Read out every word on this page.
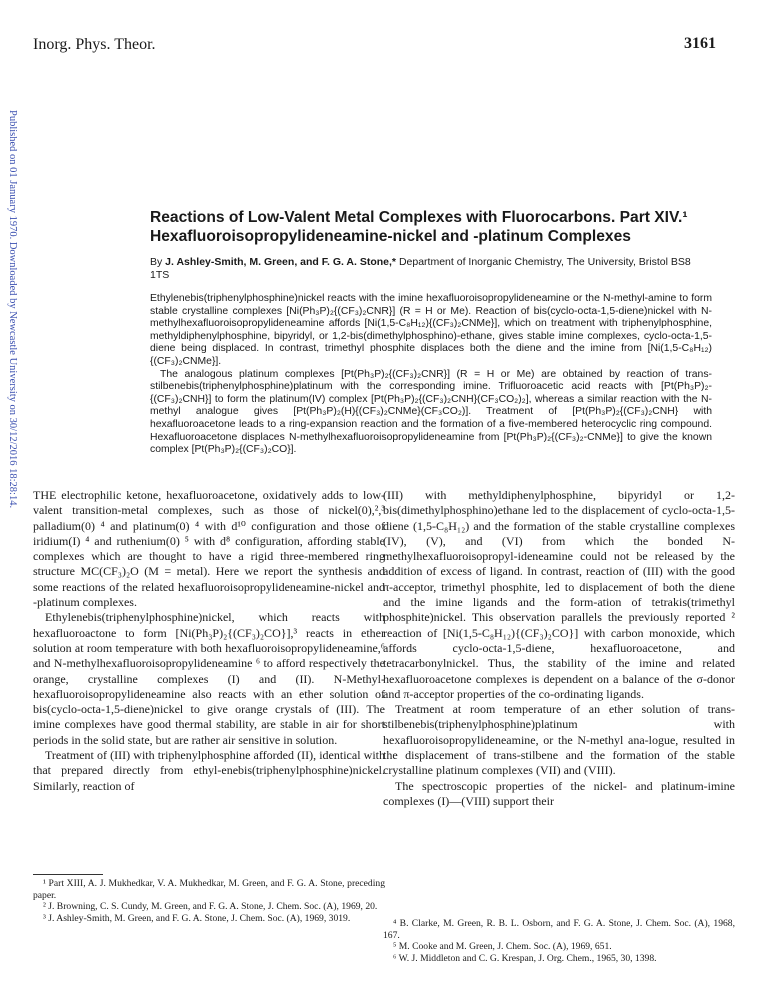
Inorg. Phys. Theor.	3161
Published on 01 January 1970. Downloaded by Newcastle University on 30/12/2016 18:28:14.	Reactions of Low-Valent Metal Complexes with Fluorocarbons. Part XIV.¹ Hexafluoroisopropylideneamine-nickel and -platinum Complexes
By J. Ashley-Smith, M. Green, and F. G. A. Stone,* Department of Inorganic Chemistry, The University, Bristol BS8 1TS

Ethylenebis(triphenylphosphine)nickel reacts with the imine hexafluoroisopropylideneamine or the N-methyl-amine to form stable crystalline complexes [Ni(Ph₃P)₂{(CF₃)₂CNR}] (R = H or Me). Reaction of bis(cyclo-octa-1,5-diene)nickel with N-methylhexafluoroisopropylideneamine affords [Ni(1,5-C₈H₁₂){(CF₃)₂CNMe}], which on treatment with triphenylphosphine, methyldiphenylphosphine, bipyridyl, or 1,2-bis(dimethylphosphino)-ethane, gives stable imine complexes, cyclo-octa-1,5-diene being displaced. In contrast, trimethyl phosphite displaces both the diene and the imine from [Ni(1,5-C₈H₁₂){(CF₃)₂CNMe}].

The analogous platinum complexes [Pt(Ph₃P)₂{(CF₃)₂CNR}] (R = H or Me) are obtained by reaction of trans-stilbenebis(triphenylphosphine)platinum with the corresponding imine. Trifluoroacetic acid reacts with [Pt(Ph₃P)₂-{(CF₃)₂CNH}] to form the platinum(IV) complex [Pt(Ph₃P)₂{(CF₃)₂CNH}(CF₃CO₂)₂], whereas a similar reaction with the N-methyl analogue gives [Pt(Ph₃P)₂(H){(CF₃)₂CNMe}(CF₃CO₂)]. Treatment of [Pt(Ph₃P)₂{(CF₃)₂CNH} with hexafluoroacetone leads to a ring-expansion reaction and the formation of a five-membered heterocyclic ring compound. Hexafluoroacetone displaces N-methylhexafluoroisopropylideneamine from [Pt(Ph₃P)₂{(CF₃)₂-CNMe}] to give the known complex [Pt(Ph₃P)₂{(CF₃)₂CO}].

THE electrophilic ketone, hexafluoroacetone, oxidatively adds to low-valent transition-metal complexes, such as those of nickel(0),²,³ palladium(0) ⁴ and platinum(0) ⁴ with d¹⁰ configuration and those of iridium(I) ⁴ and ruthenium(0) ⁵ with d⁸ configuration, affording stable complexes which are thought to have a rigid three-membered ring structure MC(CF₃)₂O (M = metal). Here we report the synthesis and some reactions of the related hexafluoroisopropylideneamine-nickel and -platinum complexes.

Ethylenebis(triphenylphosphine)nickel, which reacts with hexafluoroactone to form [Ni(Ph₃P)₂{(CF₃)₂CO}],³ reacts in ether solution at room temperature with both hexafluoroisopropylideneamine,⁶ and N-methylhexafluoroisopropylideneamine ⁶ to afford respectively the orange, crystalline complexes (I) and (II). N-Methyl-hexafluoroisopropylideneamine also reacts with an ether solution of bis(cyclo-octa-1,5-diene)nickel to give orange crystals of (III). The imine complexes have good thermal stability, are stable in air for short periods in the solid state, but are rather air sensitive in solution.

Treatment of (III) with triphenylphosphine afforded (II), identical with that prepared directly from ethyl-enebis(triphenylphosphine)nickel. Similarly, reaction of

(III) with methyldiphenylphosphine, bipyridyl or 1,2-bis(dimethylphosphino)ethane led to the displacement of cyclo-octa-1,5-diene (1,5-C₈H₁₂) and the formation of the stable crystalline complexes (IV), (V), and (VI) from which the bonded N-methylhexafluoroisopropyl-ideneamine could not be released by the addition of excess of ligand. In contrast, reaction of (III) with the good π-acceptor, trimethyl phosphite, led to displacement of both the diene and the imine ligands and the form-ation of tetrakis(trimethyl phosphite)nickel. This observation parallels the previously reported ² reaction of [Ni(1,5-C₈H₁₂){(CF₃)₂CO}] with carbon monoxide, which affords cyclo-octa-1,5-diene, hexafluoroacetone, and tetracarbonylnickel. Thus, the stability of the imine and related hexafluoroacetone complexes is dependent on a balance of the σ-donor and π-acceptor properties of the co-ordinating ligands.

Treatment at room temperature of an ether solution of trans-stilbenebis(triphenylphosphine)platinum with hexafluoroisopropylideneamine, or the N-methyl ana-logue, resulted in the displacement of trans-stilbene and the formation of the stable crystalline platinum complexes (VII) and (VIII).

The spectroscopic properties of the nickel- and platinum-imine complexes (I)—(VIII) support their

¹ Part XIII, A. J. Mukhedkar, V. A. Mukhedkar, M. Green, and F. G. A. Stone, preceding paper.

² J. Browning, C. S. Cundy, M. Green, and F. G. A. Stone, J. Chem. Soc. (A), 1969, 20.

³ J. Ashley-Smith, M. Green, and F. G. A. Stone, J. Chem. Soc. (A), 1969, 3019.	⁴ B. Clarke, M. Green, R. B. L. Osborn, and F. G. A. Stone, J. Chem. Soc. (A), 1968, 167.

⁵ M. Cooke and M. Green, J. Chem. Soc. (A), 1969, 651.

⁶ W. J. Middleton and C. G. Krespan, J. Org. Chem., 1965, 30, 1398.
